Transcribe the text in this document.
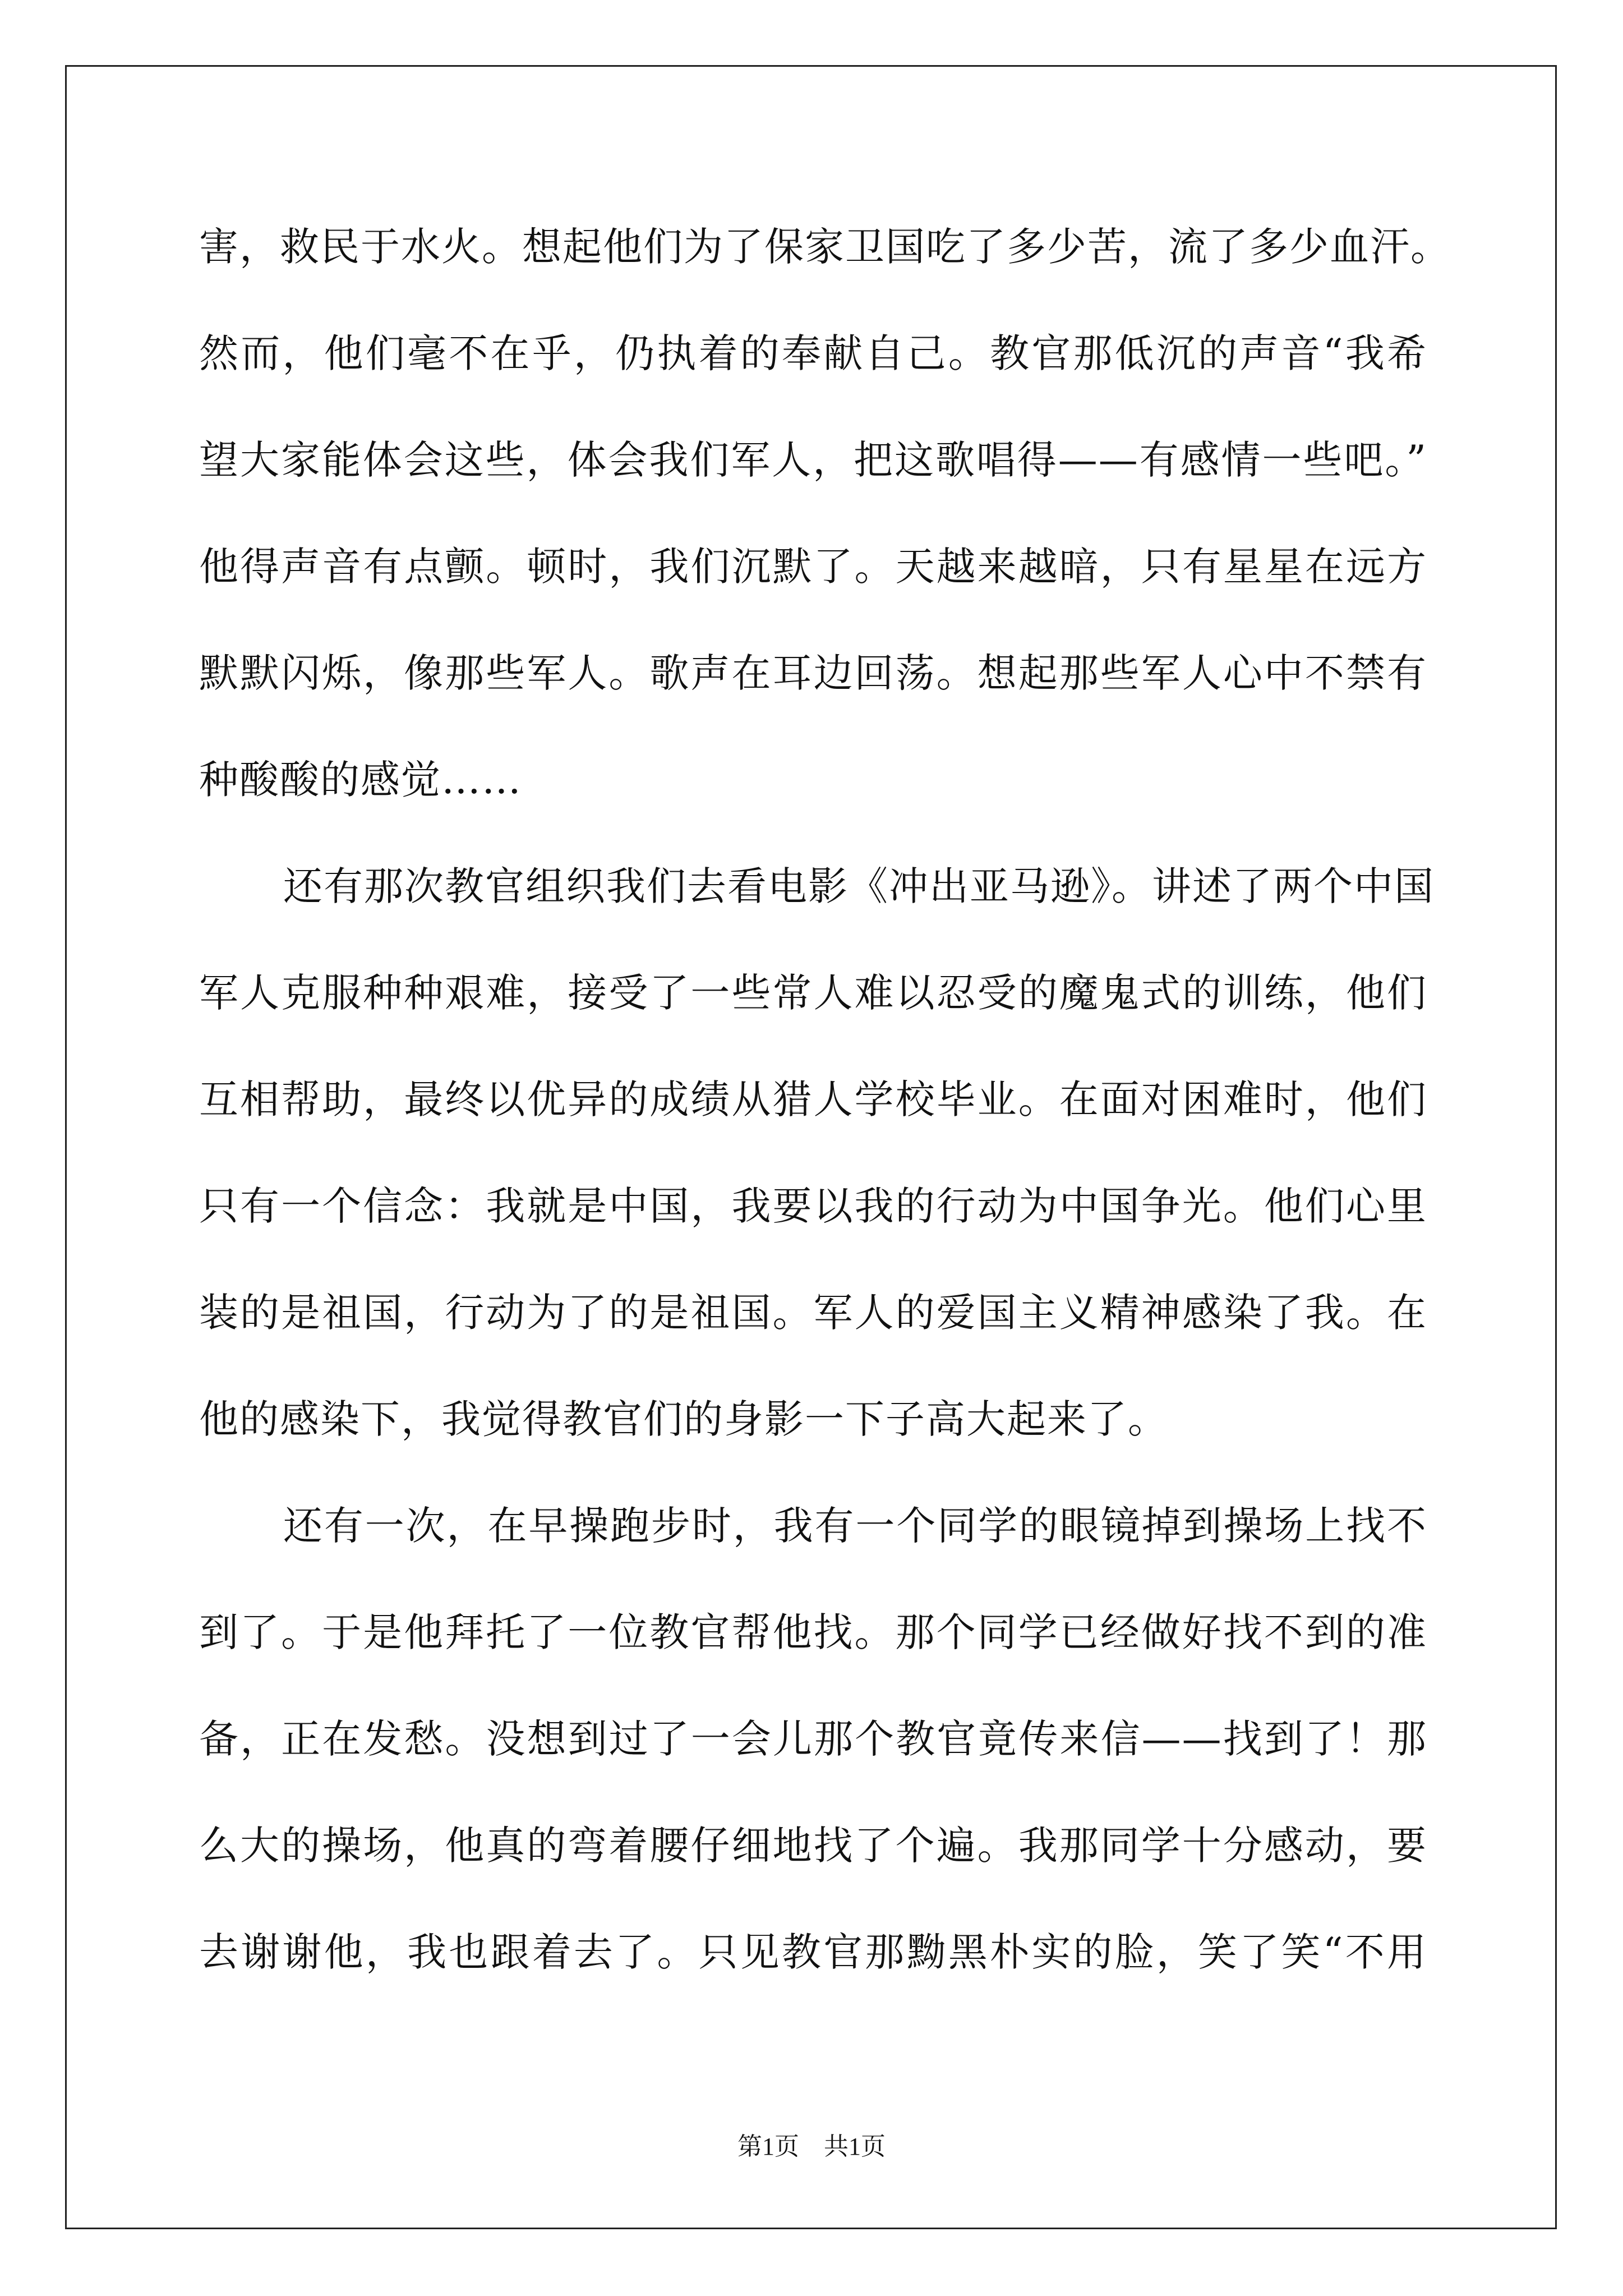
害，救民于水火。想起他们为了保家卫国吃了多少苦，流了多少血汗。
然而，他们毫不在乎，仍执着的奉献自己。教官那低沉的声音“我希
望大家能体会这些，体会我们军人，把这歌唱得——有感情一些吧。”
他得声音有点颤。顿时，我们沉默了。天越来越暗，只有星星在远方
默默闪烁，像那些军人。歌声在耳边回荡。想起那些军人心中不禁有
种酸酸的感觉……
还有那次教官组织我们去看电影《冲出亚马逊》。讲述了两个中国
军人克服种种艰难，接受了一些常人难以忍受的魔鬼式的训练，他们
互相帮助，最终以优异的成绩从猎人学校毕业。在面对困难时，他们
只有一个信念：我就是中国，我要以我的行动为中国争光。他们心里
装的是祖国，行动为了的是祖国。军人的爱国主义精神感染了我。在
他的感染下，我觉得教官们的身影一下子高大起来了。
还有一次，在早操跑步时，我有一个同学的眼镜掉到操场上找不
到了。于是他拜托了一位教官帮他找。那个同学已经做好找不到的准
备，正在发愁。没想到过了一会儿那个教官竟传来信——找到了！那
么大的操场，他真的弯着腰仔细地找了个遍。我那同学十分感动，要
去谢谢他，我也跟着去了。只见教官那黝黑朴实的脸，笑了笑“不用
第1页　共1页
